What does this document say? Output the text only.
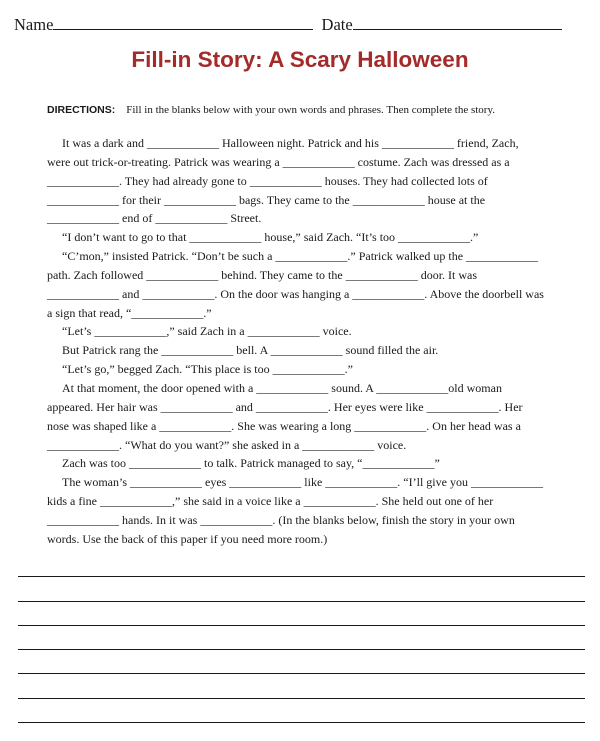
Name	Date
Fill-in Story: A Scary Halloween
DIRECTIONS: Fill in the blanks below with your own words and phrases. Then complete the story.
It was a dark and ____________ Halloween night. Patrick and his ____________ friend, Zach,
were out trick-or-treating. Patrick was wearing a ____________ costume. Zach was dressed as a
____________. They had already gone to ____________ houses. They had collected lots of
____________ for their ____________ bags. They came to the ____________ house at the
____________ end of ____________ Street.
“I don’t want to go to that ____________ house,” said Zach. “It’s too ____________.”
“C’mon,” insisted Patrick. “Don’t be such a ____________.” Patrick walked up the ____________
path. Zach followed ____________ behind. They came to the ____________ door. It was
____________ and ____________. On the door was hanging a ____________. Above the doorbell was
a sign that read, “____________.”
“Let’s ____________,” said Zach in a ____________ voice.
But Patrick rang the ____________ bell. A ____________ sound filled the air.
“Let’s go,” begged Zach. “This place is too ____________.”
At that moment, the door opened with a ____________ sound. A ____________old woman
appeared. Her hair was ____________ and ____________. Her eyes were like ____________. Her
nose was shaped like a ____________. She was wearing a long ____________. On her head was a
____________. “What do you want?” she asked in a ____________ voice.
Zach was too ____________ to talk. Patrick managed to say, “____________”
The woman’s ____________ eyes ____________ like ____________. “I’ll give you ____________
kids a fine ____________,” she said in a voice like a ____________. She held out one of her
____________ hands. In it was ____________. (In the blanks below, finish the story in your own
words. Use the back of this paper if you need more room.)
